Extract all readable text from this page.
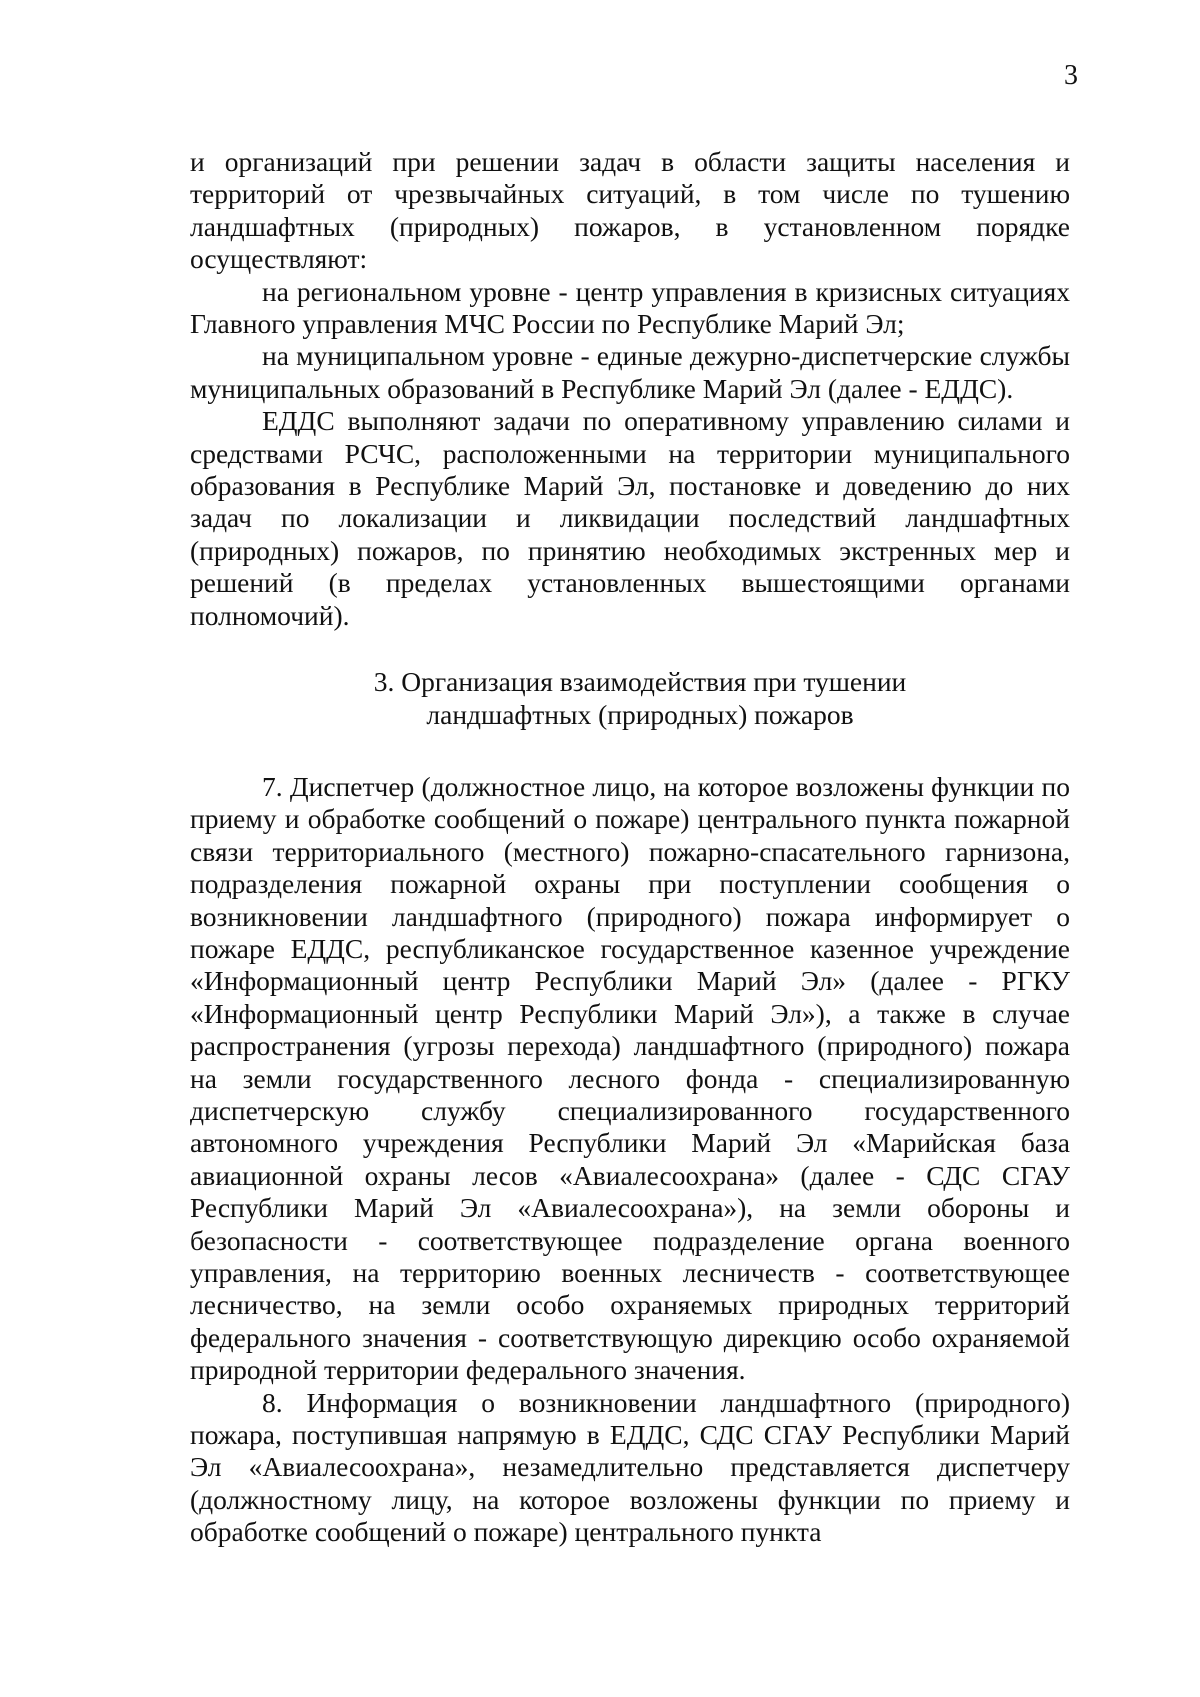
3

и организаций при решении задач в области защиты населения и территорий от чрезвычайных ситуаций, в том числе по тушению ландшафтных (природных) пожаров, в установленном порядке осуществляют:

на региональном уровне - центр управления в кризисных ситуациях Главного управления МЧС России по Республике Марий Эл;

на муниципальном уровне - единые дежурно-диспетчерские службы муниципальных образований в Республике Марий Эл (далее - ЕДДС).

ЕДДС выполняют задачи по оперативному управлению силами и средствами РСЧС, расположенными на территории муниципального образования в Республике Марий Эл, постановке и доведению до них задач по локализации и ликвидации последствий ландшафтных (природных) пожаров, по принятию необходимых экстренных мер и решений (в пределах установленных вышестоящими органами полномочий).

3. Организация взаимодействия при тушении
ландшафтных (природных) пожаров

7. Диспетчер (должностное лицо, на которое возложены функции по приему и обработке сообщений о пожаре) центрального пункта пожарной связи территориального (местного) пожарно-спасательного гарнизона, подразделения пожарной охраны при поступлении сообщения о возникновении ландшафтного (природного) пожара информирует о пожаре ЕДДС, республиканское государственное казенное учреждение «Информационный центр Республики Марий Эл» (далее - РГКУ «Информационный центр Республики Марий Эл»), а также в случае распространения (угрозы перехода) ландшафтного (природного) пожара на земли государственного лесного фонда - специализированную диспетчерскую службу специализированного государственного автономного учреждения Республики Марий Эл «Марийская база авиационной охраны лесов «Авиалесоохрана» (далее - СДС СГАУ Республики Марий Эл «Авиалесоохрана»), на земли обороны и безопасности - соответствующее подразделение органа военного управления, на территорию военных лесничеств - соответствующее лесничество, на земли особо охраняемых природных территорий федерального значения - соответствующую дирекцию особо охраняемой природной территории федерального значения.

8. Информация о возникновении ландшафтного (природного) пожара, поступившая напрямую в ЕДДС, СДС СГАУ Республики Марий Эл «Авиалесоохрана», незамедлительно представляется диспетчеру (должностному лицу, на которое возложены функции по приему и обработке сообщений о пожаре) центрального пункта
